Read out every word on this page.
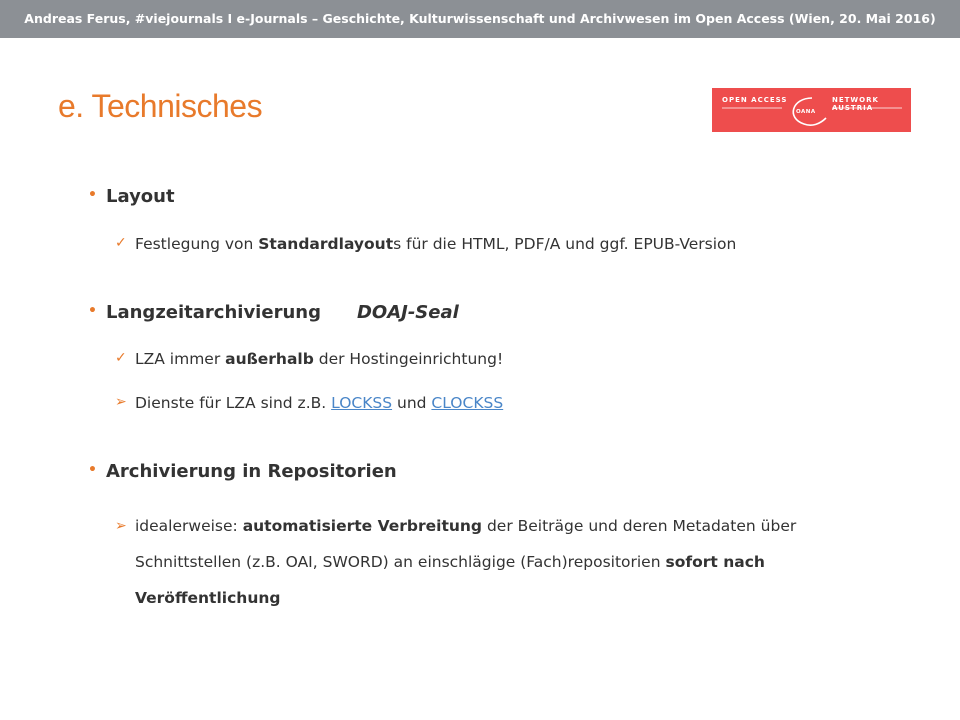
Andreas Ferus, #viejournals I e-Journals – Geschichte, Kulturwissenschaft und Archivwesen im Open Access (Wien, 20. Mai 2016)
e. Technisches	OPEN ACCESS	NETWORK AUSTRIA
OANA
• Layout
✓ Festlegung von Standardlayouts für die HTML, PDF/A und ggf. EPUB-Version
• Langzeitarchivierung DOAJ-Seal
✓ LZA immer außerhalb der Hostingeinrichtung!
➢ Dienste für LZA sind z.B. LOCKSS und CLOCKSS
• Archivierung in Repositorien
➢ idealerweise: automatisierte Verbreitung der Beiträge und deren Metadaten über Schnittstellen (z.B. OAI, SWORD) an einschlägige (Fach)repositorien sofort nach Veröffentlichung
